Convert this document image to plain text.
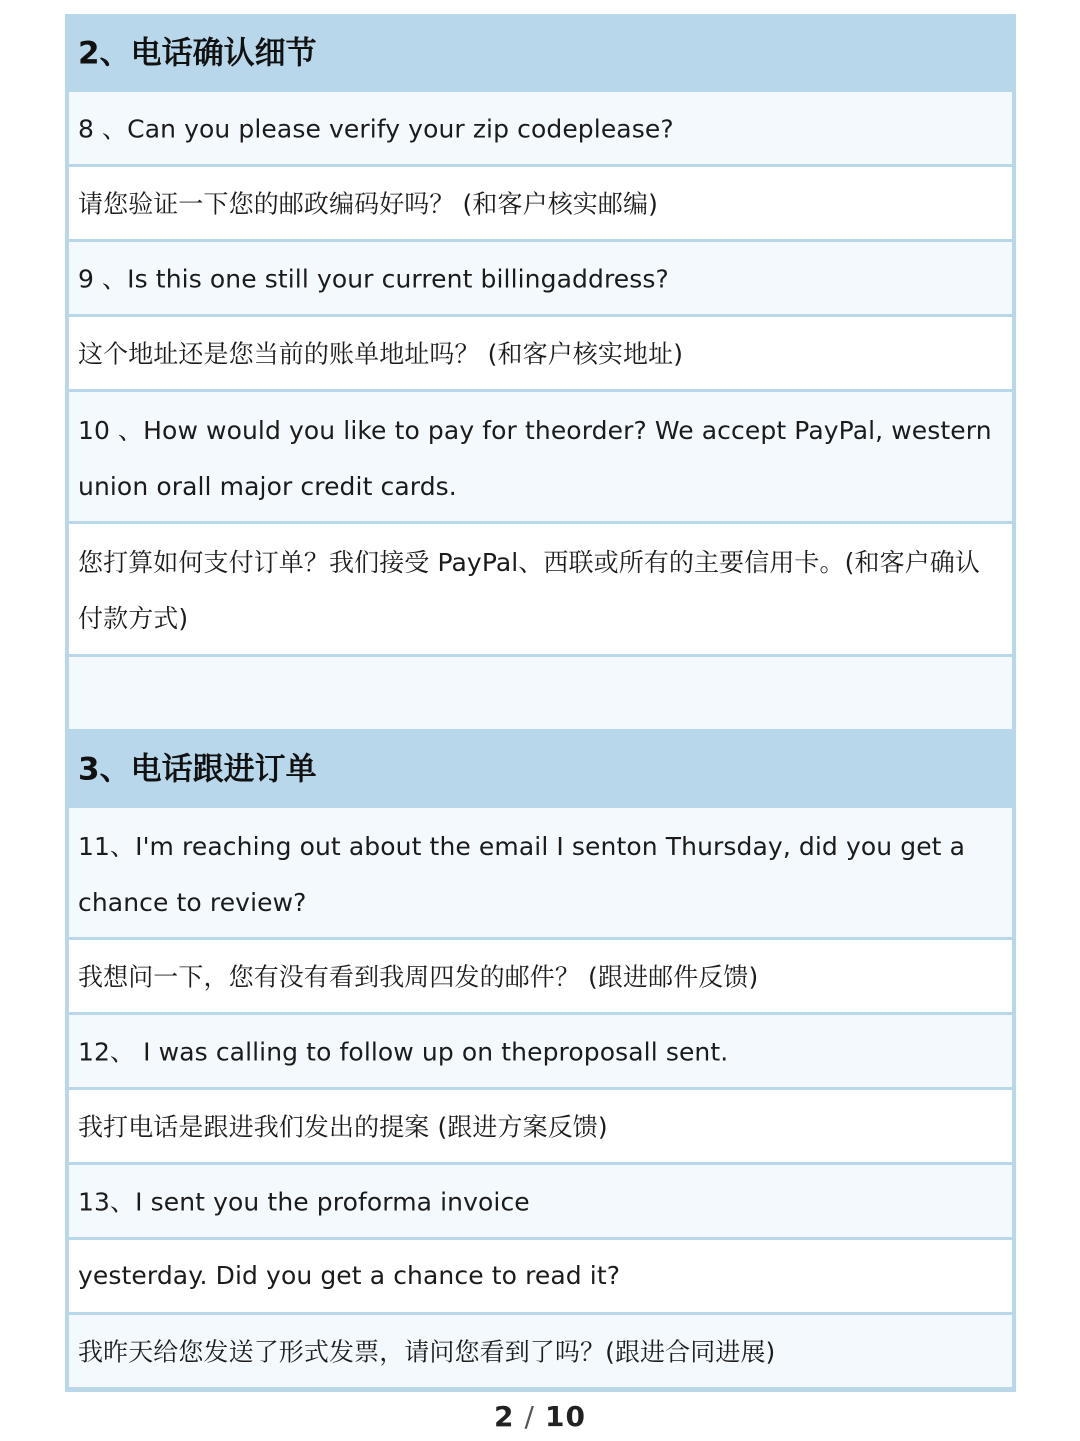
2、电话确认细节
8 、Can you please verify your zip codeplease?
请您验证一下您的邮政编码好吗？ (和客户核实邮编)
9 、Is this one still your current billingaddress?
这个地址还是您当前的账单地址吗？ (和客户核实地址)
10 、How would you like to pay for theorder? We accept PayPal, western union orall major credit cards.
您打算如何支付订单？我们接受 PayPal、西联或所有的主要信用卡。(和客户确认付款方式)
3、电话跟进订单
11、I'm reaching out about the email I senton Thursday, did you get a chance to review?
我想问一下，您有没有看到我周四发的邮件？ (跟进邮件反馈)
12、 I was calling to follow up on theproposall sent.
我打电话是跟进我们发出的提案 (跟进方案反馈)
13、I sent you the proforma invoice
yesterday. Did you get a chance to read it?
我昨天给您发送了形式发票，请问您看到了吗？(跟进合同进展)
2 / 10
